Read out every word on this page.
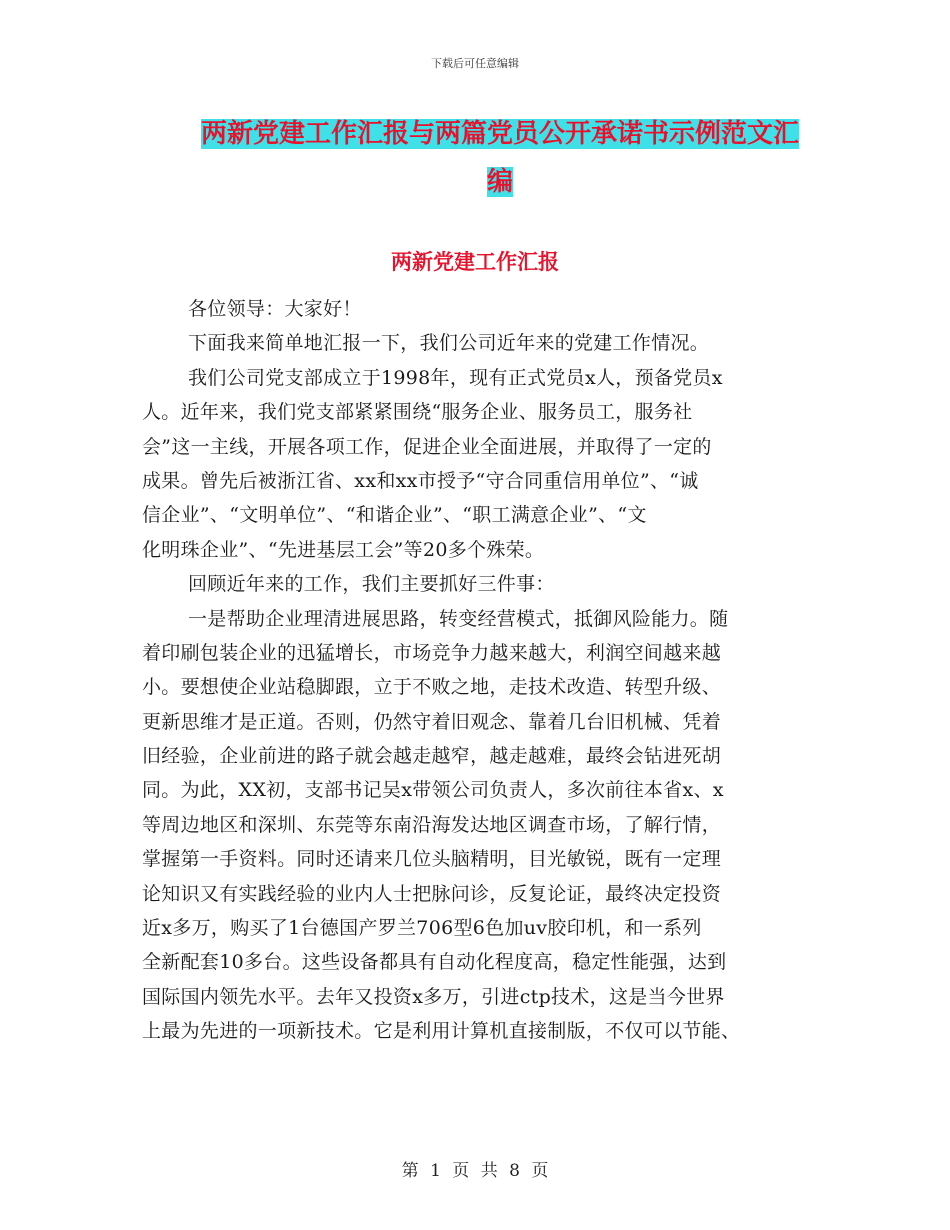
下载后可任意编辑
两新党建工作汇报与两篇党员公开承诺书示例范文汇
编
两新党建工作汇报
各位领导：大家好！
下面我来简单地汇报一下，我们公司近年来的党建工作情况。
我们公司党支部成立于1998年，现有正式党员x人，预备党员x
人。近年来，我们党支部紧紧围绕“服务企业、服务员工，服务社
会”这一主线，开展各项工作，促进企业全面进展，并取得了一定的
成果。曾先后被浙江省、xx和xx市授予“守合同重信用单位”、“诚
信企业”、“文明单位”、“和谐企业”、“职工满意企业”、“文
化明珠企业”、“先进基层工会”等20多个殊荣。
回顾近年来的工作，我们主要抓好三件事：
一是帮助企业理清进展思路，转变经营模式，抵御风险能力。随
着印刷包装企业的迅猛增长，市场竞争力越来越大，利润空间越来越
小。要想使企业站稳脚跟，立于不败之地，走技术改造、转型升级、
更新思维才是正道。否则，仍然守着旧观念、靠着几台旧机械、凭着
旧经验，企业前进的路子就会越走越窄，越走越难，最终会钻进死胡
同。为此，XX初，支部书记吴x带领公司负责人，多次前往本省x、x
等周边地区和深圳、东莞等东南沿海发达地区调查市场，了解行情，
掌握第一手资料。同时还请来几位头脑精明，目光敏锐，既有一定理
论知识又有实践经验的业内人士把脉问诊，反复论证，最终决定投资
近x多万，购买了1台德国产罗兰706型6色加uv胶印机，和一系列
全新配套10多台。这些设备都具有自动化程度高，稳定性能强，达到
国际国内领先水平。去年又投资x多万，引进ctp技术，这是当今世界
上最为先进的一项新技术。它是利用计算机直接制版，不仅可以节能、
第 1 页 共 8 页
